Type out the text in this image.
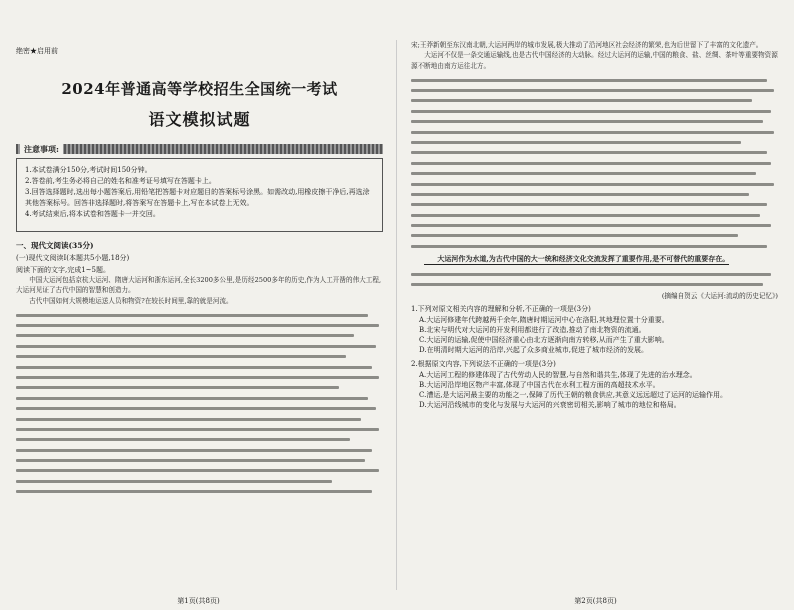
绝密★启用前
2024年普通高等学校招生全国统一考试
语文模拟试题
注意事项:
1.本试卷满分150分,考试时间150分钟。
2.答卷前,考生务必将自己的姓名和准考证号填写在答题卡上。
3.回答选择题时,选出每小题答案后,用铅笔把答题卡对应题目的答案标号涂黑。如需改动,用橡皮擦干净后,再选涂其他答案标号。回答非选择题时,将答案写在答题卡上,写在本试卷上无效。
4.考试结束后,将本试卷和答题卡一并交回。
一、现代文阅读(35分)
(一)现代文阅读Ⅰ(本题共5小题,18分)
阅读下面的文字,完成1~5题。

中国大运河包括京杭大运河、隋唐大运河和浙东运河,全长3200多公里,是历经2500多年的历史,作为人工开凿的伟大工程,大运河见证了古代中国的智慧和创造力。

古代中国如何大规模地运送人员和物资?在较长时间里,靠的就是河流。

第1页(共8页)

宋;王莽新朝至东汉南北朝,大运河两岸的城市发展,极大推动了沿河地区社会经济的繁荣,也为后世留下了丰富的文化遗产。

大运河不仅是一条交通运输线,也是古代中国经济的大动脉。经过大运河的运输,中国的粮食、盐、丝绸、茶叶等重要物资源源不断地由南方运往北方。

大运河作为水道,为古代中国的大一统和经济文化交流发挥了重要作用,是不可替代的重要存在。

(摘编自贺云《大运河:流动的历史记忆》)
1.下列对原文相关内容的理解和分析,不正确的一项是(3分)
A.大运河修建年代跨越两千余年,隋唐时期运河中心在洛阳,其地理位置十分重要。
B.北宋与明代对大运河的开发利用都进行了改造,推动了南北物资的流通。
C.大运河的运输,促使中国经济重心由北方逐渐向南方转移,从而产生了重大影响。
D.在明清时期大运河的沿岸,兴起了众多商业城市,促进了城市经济的发展。
2.根据原文内容,下列说法不正确的一项是(3分)
A.大运河工程的修建体现了古代劳动人民的智慧,与自然和谐共生,体现了先进的治水理念。
B.大运河沿岸地区物产丰富,体现了中国古代在水利工程方面的高超技术水平。
C.漕运,是大运河最主要的功能之一,保障了历代王朝的粮食供应,其意义远远超过了运河的运输作用。
D.大运河沿线城市的变化与发展与大运河的兴衰密切相关,影响了城市的地位和格局。
第2页(共8页)
